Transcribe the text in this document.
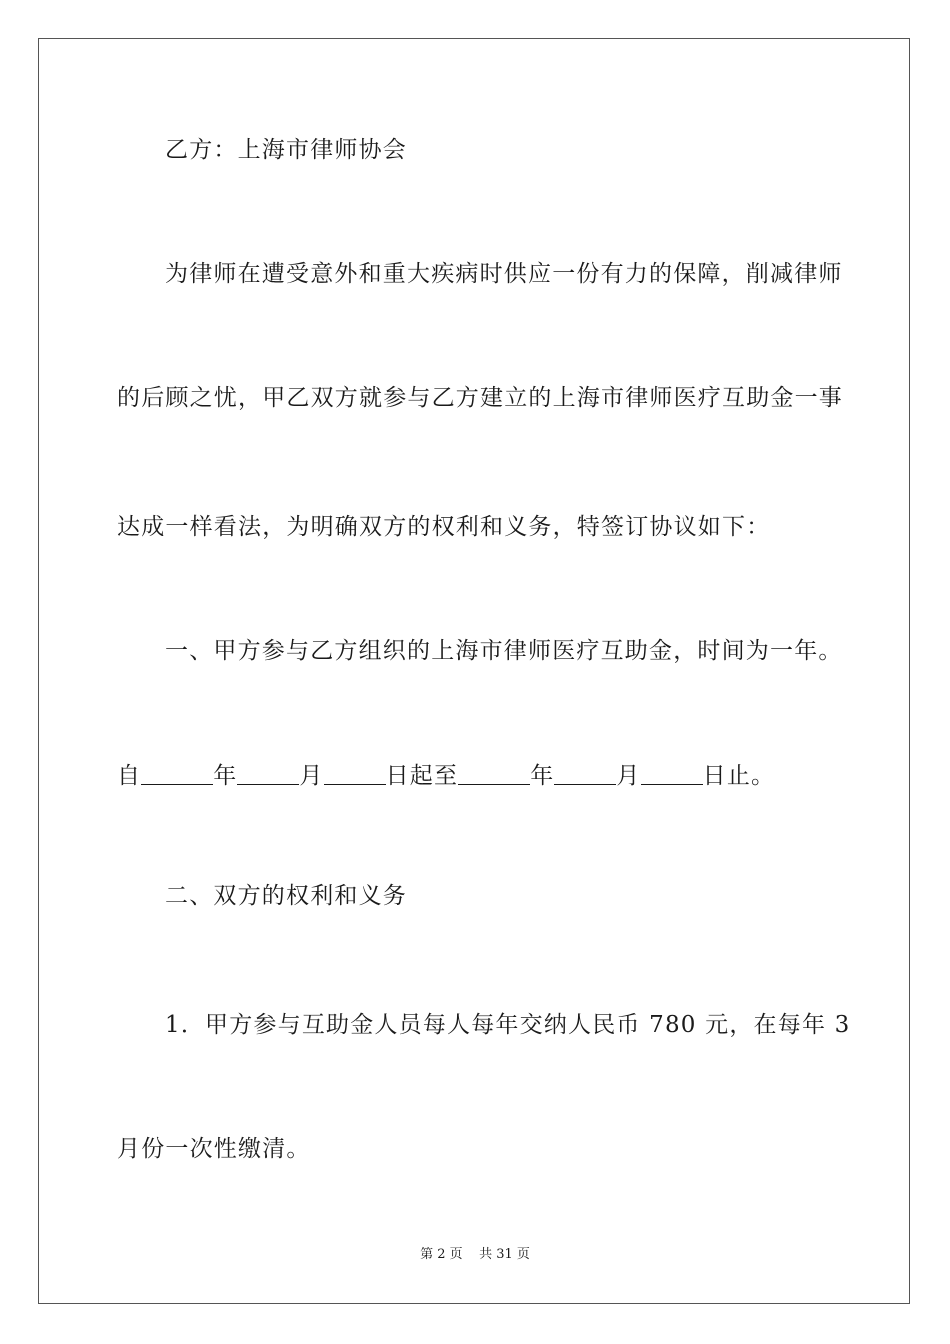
乙方：上海市律师协会
为律师在遭受意外和重大疾病时供应一份有力的保障，削减律师
的后顾之忧，甲乙双方就参与乙方建立的上海市律师医疗互助金一事
达成一样看法，为明确双方的权利和义务，特签订协议如下：
一、甲方参与乙方组织的上海市律师医疗互助金，时间为一年。
自	年	月	日起至	年	月	日止。
二、双方的权利和义务
1．甲方参与互助金人员每人每年交纳人民币 780 元，在每年 3
月份一次性缴清。
第 2 页    共 31 页
